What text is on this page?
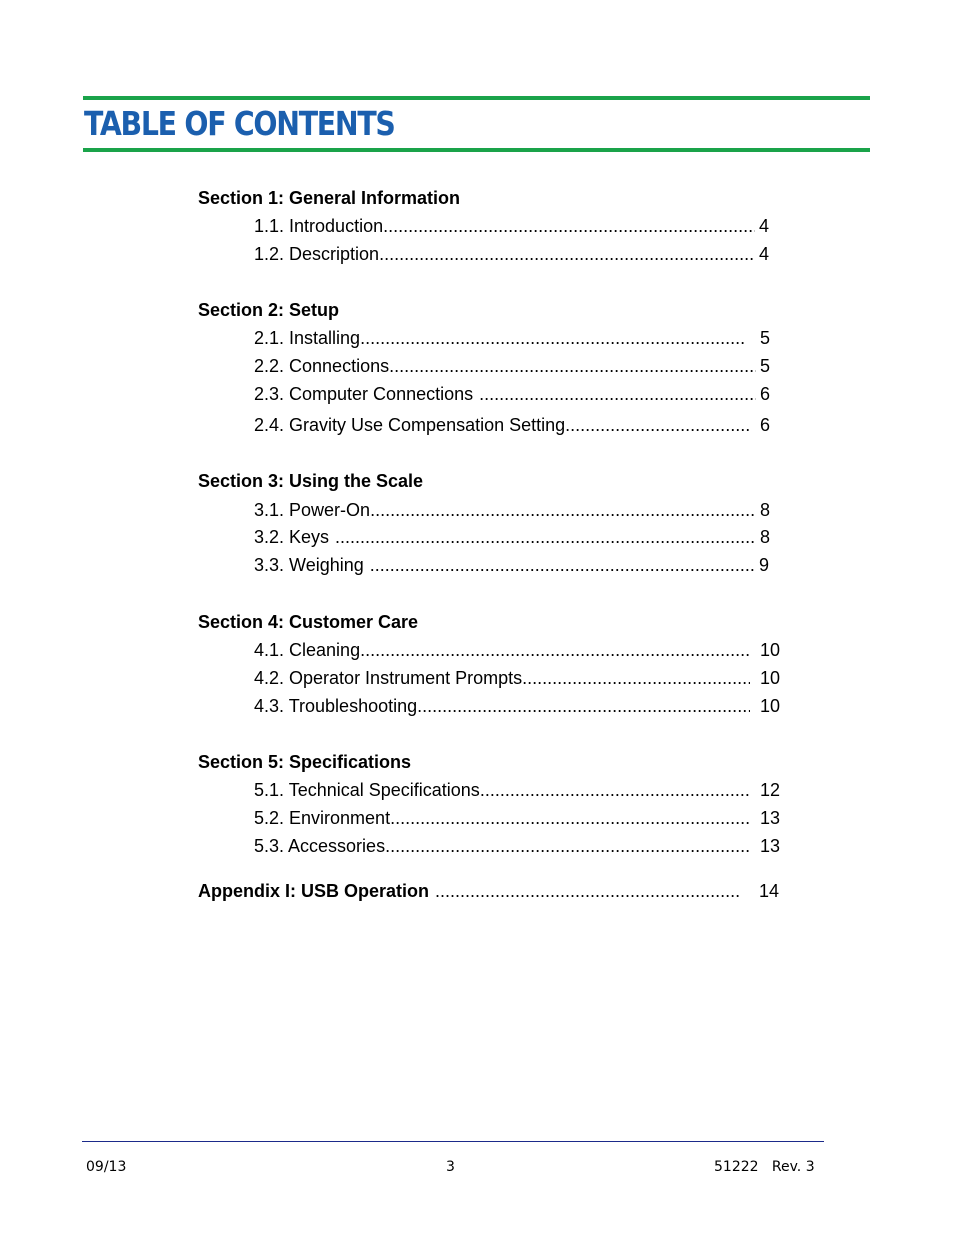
TABLE OF CONTENTS
Section 1: General Information
1.1. Introduction .....	4
1.2. Description .....	4
Section 2: Setup
2.1. Installing .....	5
2.2. Connections .....	5
2.3. Computer Connections .....	6
2.4. Gravity Use Compensation Setting .....	6
Section 3: Using the Scale
3.1. Power-On .....	8
3.2. Keys .....	8
3.3. Weighing .....	9
Section 4: Customer Care
4.1. Cleaning .....	10
4.2. Operator Instrument Prompts .....	10
4.3. Troubleshooting .....	10
Section 5: Specifications
5.1. Technical Specifications .....	12
5.2. Environment .....	13
5.3. Accessories .....	13
Appendix I: USB Operation .....	14
09/13	3	51222   Rev. 3
